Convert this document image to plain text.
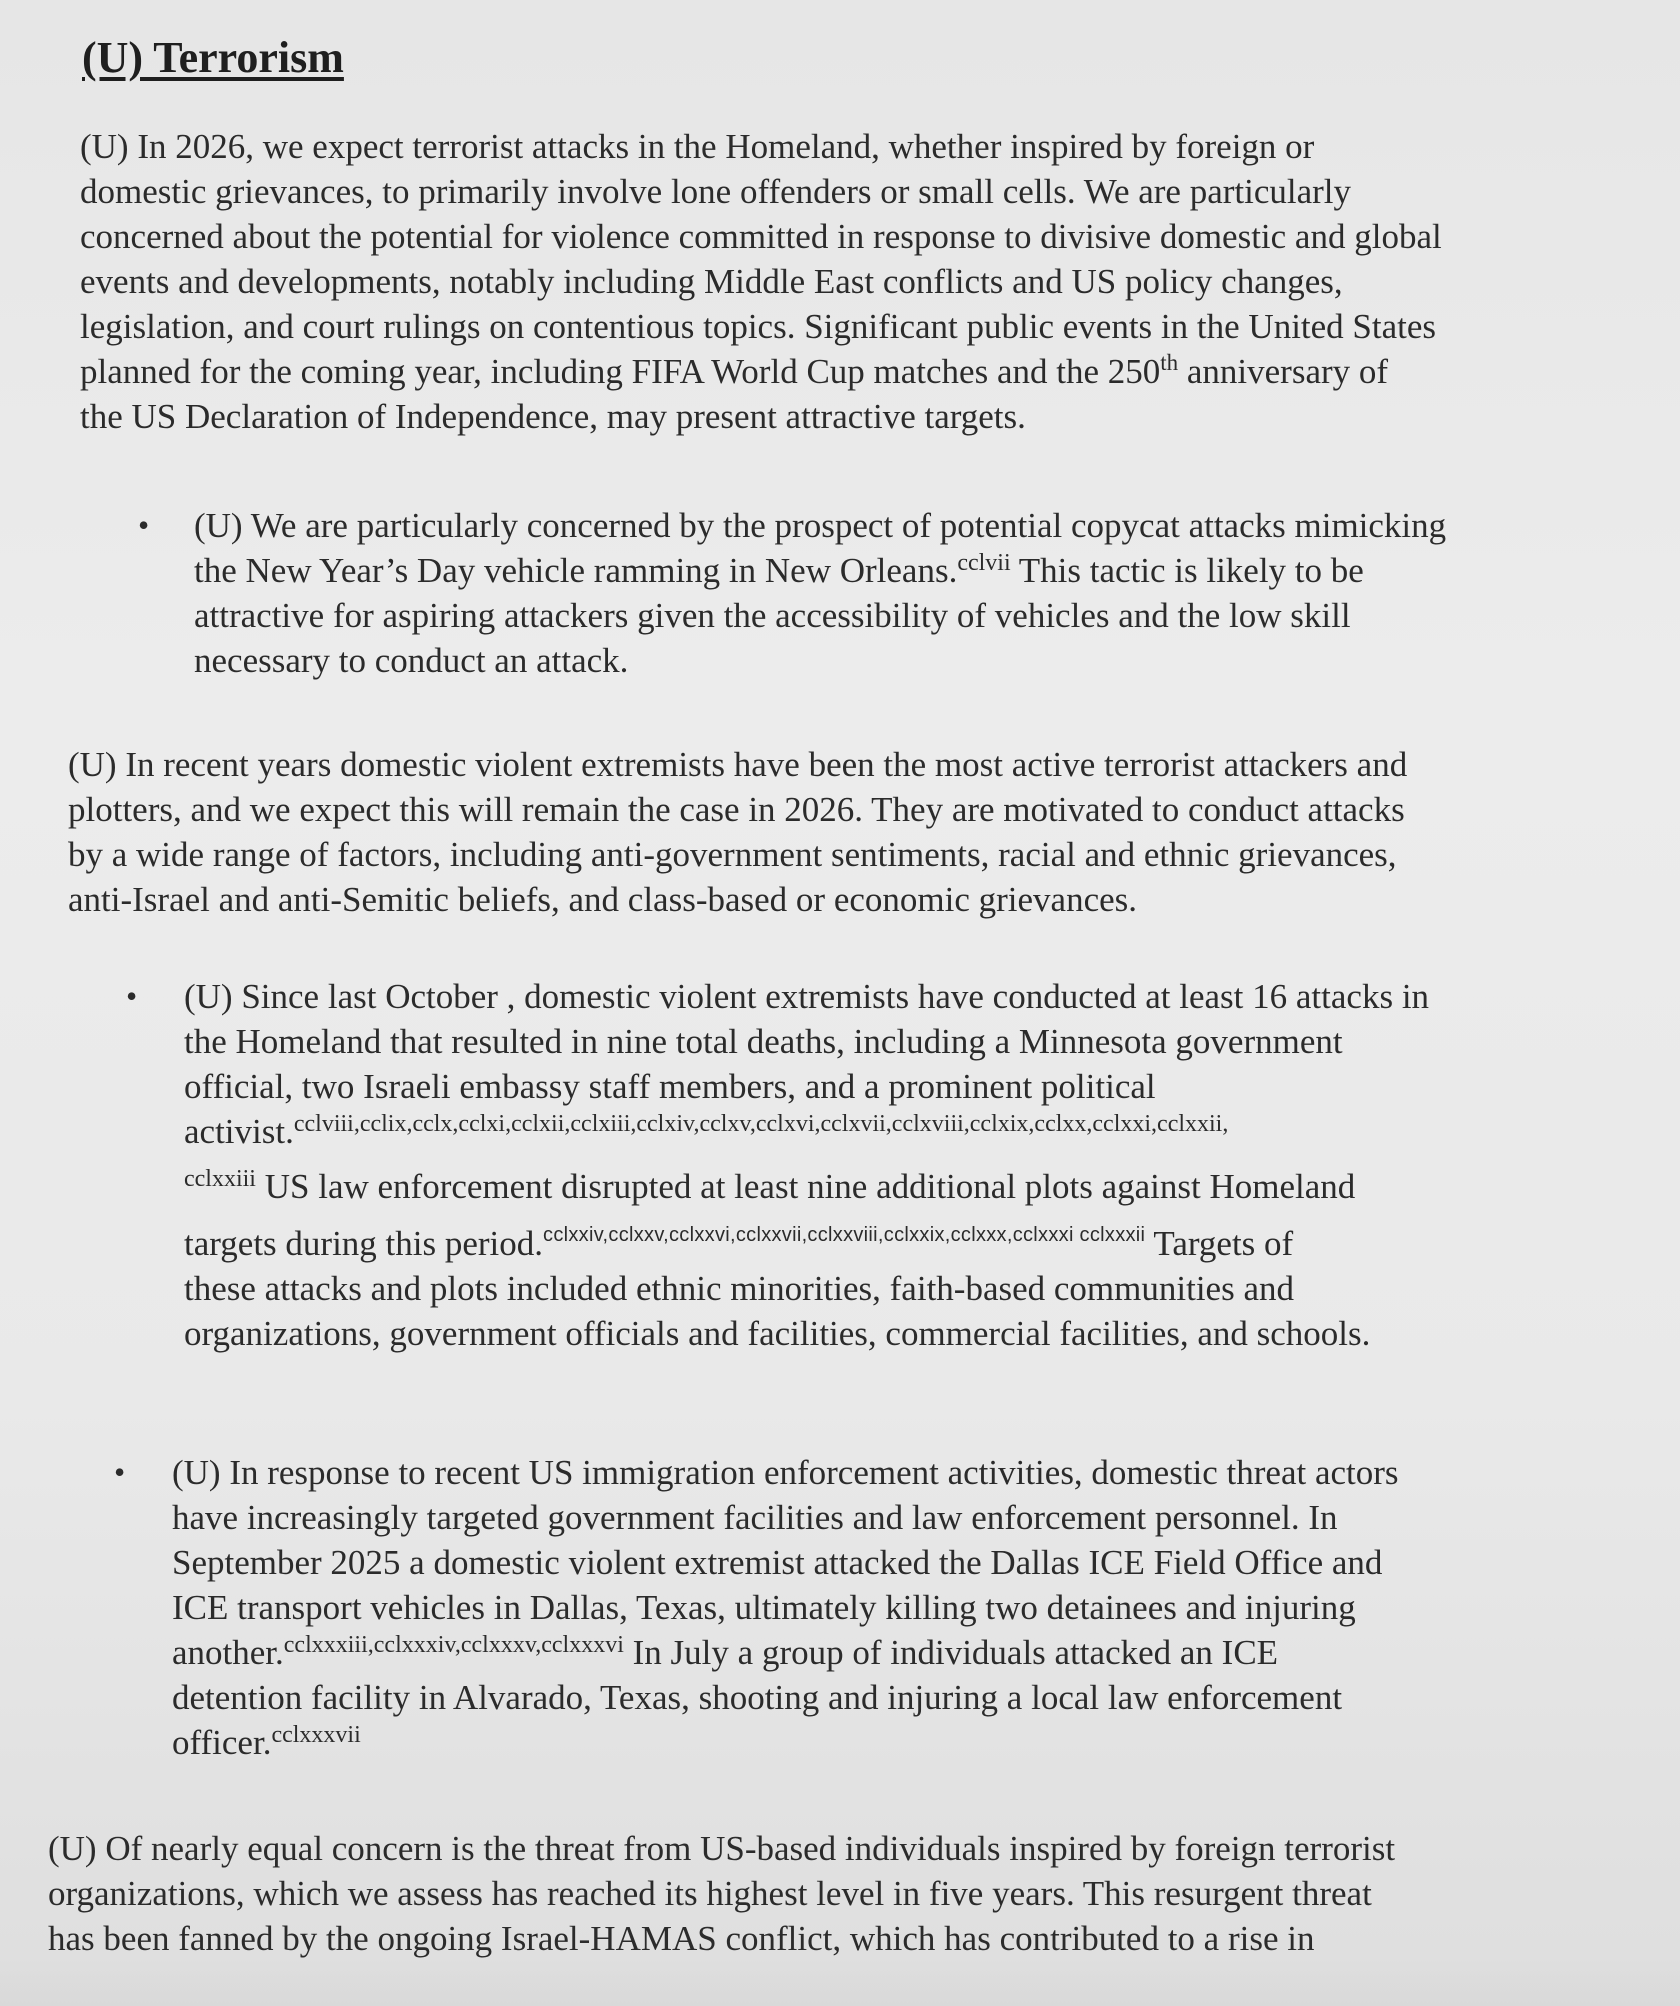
(U) Terrorism
(U) In 2026, we expect terrorist attacks in the Homeland, whether inspired by foreign or
domestic grievances, to primarily involve lone offenders or small cells. We are particularly
concerned about the potential for violence committed in response to divisive domestic and global
events and developments, notably including Middle East conflicts and US policy changes,
legislation, and court rulings on contentious topics. Significant public events in the United States
planned for the coming year, including FIFA World Cup matches and the 250th anniversary of
the US Declaration of Independence, may present attractive targets.
• (U) We are particularly concerned by the prospect of potential copycat attacks mimicking
the New Year’s Day vehicle ramming in New Orleans.$^{cclvii}$ This tactic is likely to be
attractive for aspiring attackers given the accessibility of vehicles and the low skill
necessary to conduct an attack.
(U) In recent years domestic violent extremists have been the most active terrorist attackers and
plotters, and we expect this will remain the case in 2026. They are motivated to conduct attacks
by a wide range of factors, including anti-government sentiments, racial and ethnic grievances,
anti-Israel and anti-Semitic beliefs, and class-based or economic grievances.
• (U) Since last October , domestic violent extremists have conducted at least 16 attacks in
the Homeland that resulted in nine total deaths, including a Minnesota government
official, two Israeli embassy staff members, and a prominent political
activist.$^{cclviii,cclix,cclx,cclxi,cclxii,cclxiii,cclxiv,cclxv,cclxvi,cclxvii,cclxviii,cclxix,cclxx,cclxxi,cclxxii,}$
$^{cclxxiii}$ US law enforcement disrupted at least nine additional plots against Homeland
targets during this period.$^{cclxxiv,cclxxv,cclxxvi,cclxxvii,cclxxviii,cclxxix,cclxxx,cclxxxi cclxxxii}$ Targets of
these attacks and plots included ethnic minorities, faith-based communities and
organizations, government officials and facilities, commercial facilities, and schools.
• (U) In response to recent US immigration enforcement activities, domestic threat actors
have increasingly targeted government facilities and law enforcement personnel. In
September 2025 a domestic violent extremist attacked the Dallas ICE Field Office and
ICE transport vehicles in Dallas, Texas, ultimately killing two detainees and injuring
another.$^{cclxxxiii,cclxxxiv,cclxxxv,cclxxxvi}$ In July a group of individuals attacked an ICE
detention facility in Alvarado, Texas, shooting and injuring a local law enforcement
officer.$^{cclxxxvii}$
(U) Of nearly equal concern is the threat from US-based individuals inspired by foreign terrorist
organizations, which we assess has reached its highest level in five years. This resurgent threat
has been fanned by the ongoing Israel-HAMAS conflict, which has contributed to a rise in
